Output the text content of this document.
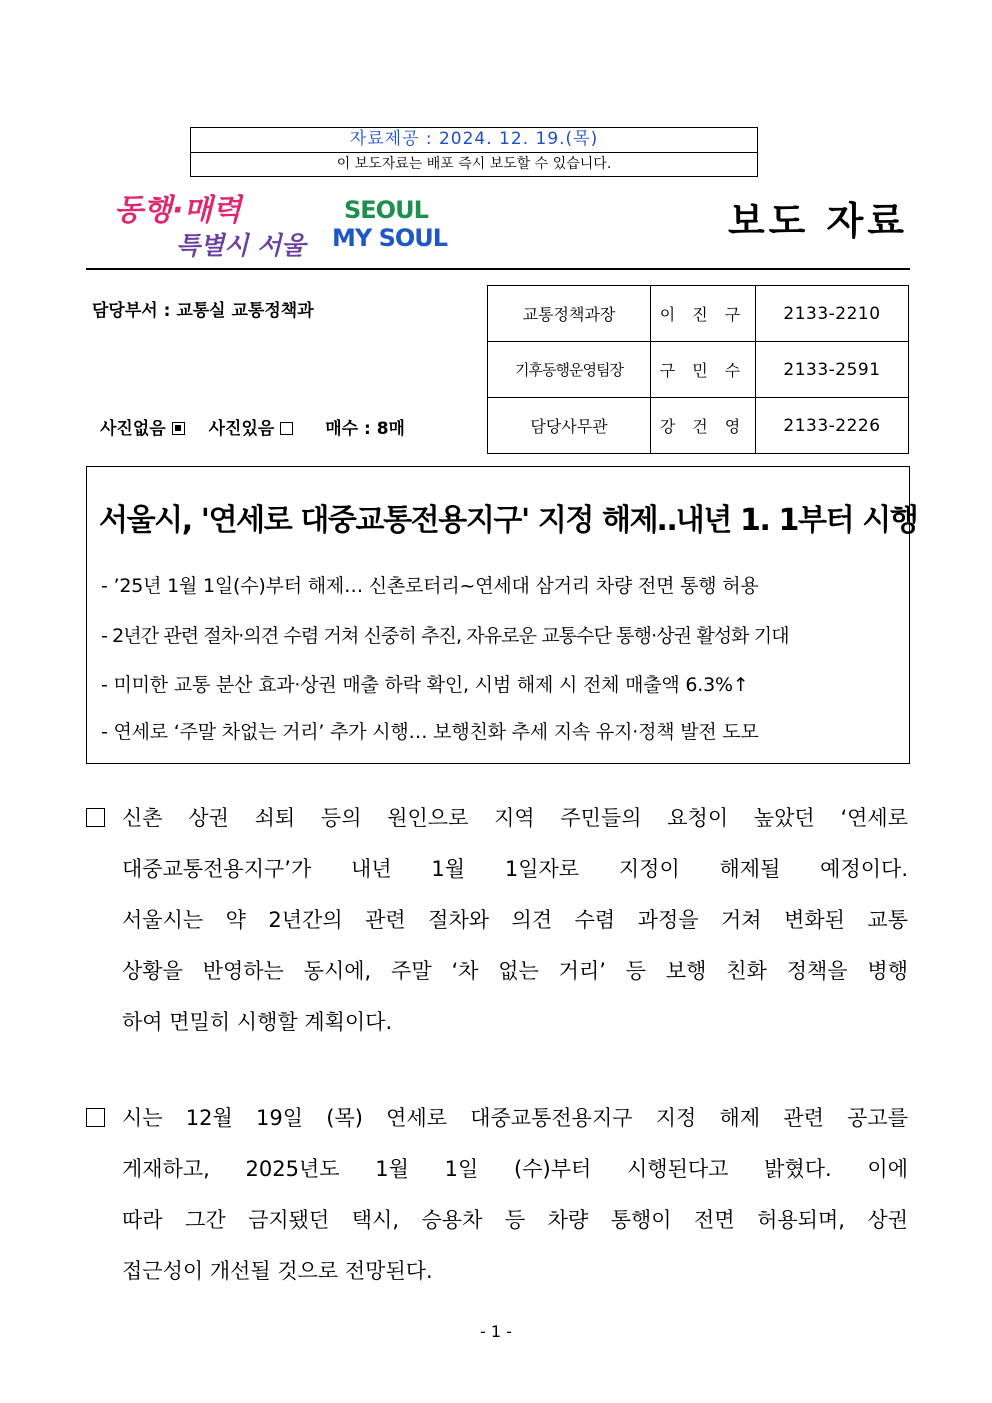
자료제공 : 2024. 12. 19.(목)
이 보도자료는 배포 즉시 보도할 수 있습니다.
동행·매력
특별시 서울
SEOUL
MY SOUL	보도 자료
담당부서 : 교통실 교통정책과
사진없음	사진있음	매수 : 8매
교통정책과장	이 진 구	2133-2210
기후동행운영팀장	구 민 수	2133-2591
담당사무관	강 건 영	2133-2226
서울시, '연세로 대중교통전용지구' 지정 해제‥내년 1. 1부터 시행
- ’25년 1월 1일(수)부터 해제… 신촌로터리~연세대 삼거리 차량 전면 통행 허용
- 2년간 관련 절차·의견 수렴 거쳐 신중히 추진, 자유로운 교통수단 통행·상권 활성화 기대
- 미미한 교통 분산 효과·상권 매출 하락 확인, 시범 해제 시 전체 매출액 6.3%↑
- 연세로 ‘주말 차없는 거리’ 추가 시행… 보행친화 추세 지속 유지·정책 발전 도모
신촌 상권 쇠퇴 등의 원인으로 지역 주민들의 요청이 높았던 ‘연세로
대중교통전용지구’가 내년 1월 1일자로 지정이 해제될 예정이다.
서울시는 약 2년간의 관련 절차와 의견 수렴 과정을 거쳐 변화된 교통
상황을 반영하는 동시에, 주말 ‘차 없는 거리’ 등 보행 친화 정책을 병행
하여 면밀히 시행할 계획이다.
시는 12월 19일 (목) 연세로 대중교통전용지구 지정 해제 관련 공고를
게재하고, 2025년도 1월 1일 (수)부터 시행된다고 밝혔다. 이에
따라 그간 금지됐던 택시, 승용차 등 차량 통행이 전면 허용되며, 상권
접근성이 개선될 것으로 전망된다.
- 1 -
